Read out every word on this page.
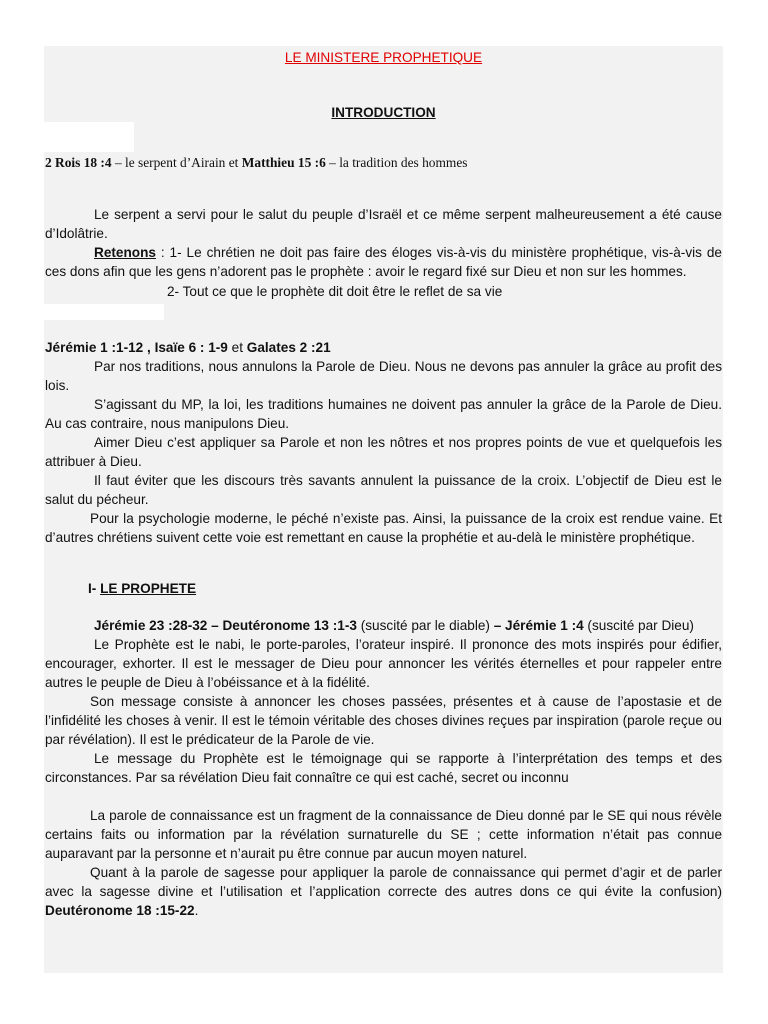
LE MINISTERE PROPHETIQUE
INTRODUCTION
2 Rois 18 :4 – le serpent d’Airain et Matthieu 15 :6 – la tradition des hommes

Le serpent a servi pour le salut du peuple d’Israël et ce même serpent malheureusement a été cause d’Idolâtrie.

Retenons : 1- Le chrétien ne doit pas faire des éloges vis-à-vis du ministère prophétique, vis-à-vis de ces dons afin que les gens n’adorent pas le prophète : avoir le regard fixé sur Dieu et non sur les hommes.

2- Tout ce que le prophète dit doit être le reflet de sa vie

Jérémie 1 :1-12 , Isaïe 6 : 1-9 et Galates 2 :21

Par nos traditions, nous annulons la Parole de Dieu. Nous ne devons pas annuler la grâce au profit des lois.

S’agissant du MP, la loi, les traditions humaines ne doivent pas annuler la grâce de la Parole de Dieu. Au cas contraire, nous manipulons Dieu.

Aimer Dieu c’est appliquer sa Parole et non les nôtres et nos propres points de vue et quelquefois les attribuer à Dieu.

Il faut éviter que les discours très savants annulent la puissance de la croix. L’objectif de Dieu est le salut du pécheur.

Pour la psychologie moderne, le péché n’existe pas. Ainsi, la puissance de la croix est rendue vaine. Et d’autres chrétiens suivent cette voie est remettant en cause la prophétie et au-delà le ministère prophétique.

I- LE PROPHETE

Jérémie 23 :28-32 – Deutéronome 13 :1-3 (suscité par le diable) – Jérémie 1 :4 (suscité par Dieu)

Le Prophète est le nabi, le porte-paroles, l’orateur inspiré. Il prononce des mots inspirés pour édifier, encourager, exhorter. Il est le messager de Dieu pour annoncer les vérités éternelles et pour rappeler entre autres le peuple de Dieu à l’obéissance et à la fidélité.

Son message consiste à annoncer les choses passées, présentes et à cause de l’apostasie et de l’infidélité les choses à venir. Il est le témoin véritable des choses divines reçues par inspiration (parole reçue ou par révélation). Il est le prédicateur de la Parole de vie.

Le message du Prophète est le témoignage qui se rapporte à l’interprétation des temps et des circonstances. Par sa révélation Dieu fait connaître ce qui est caché, secret ou inconnu

La parole de connaissance est un fragment de la connaissance de Dieu donné par le SE qui nous révèle certains faits ou information par la révélation surnaturelle du SE ; cette information n’était pas connue auparavant par la personne et n’aurait pu être connue par aucun moyen naturel.

Quant à la parole de sagesse pour appliquer la parole de connaissance qui permet d’agir et de parler avec la sagesse divine et l’utilisation et l’application correcte des autres dons ce qui évite la confusion) Deutéronome 18 :15-22.
